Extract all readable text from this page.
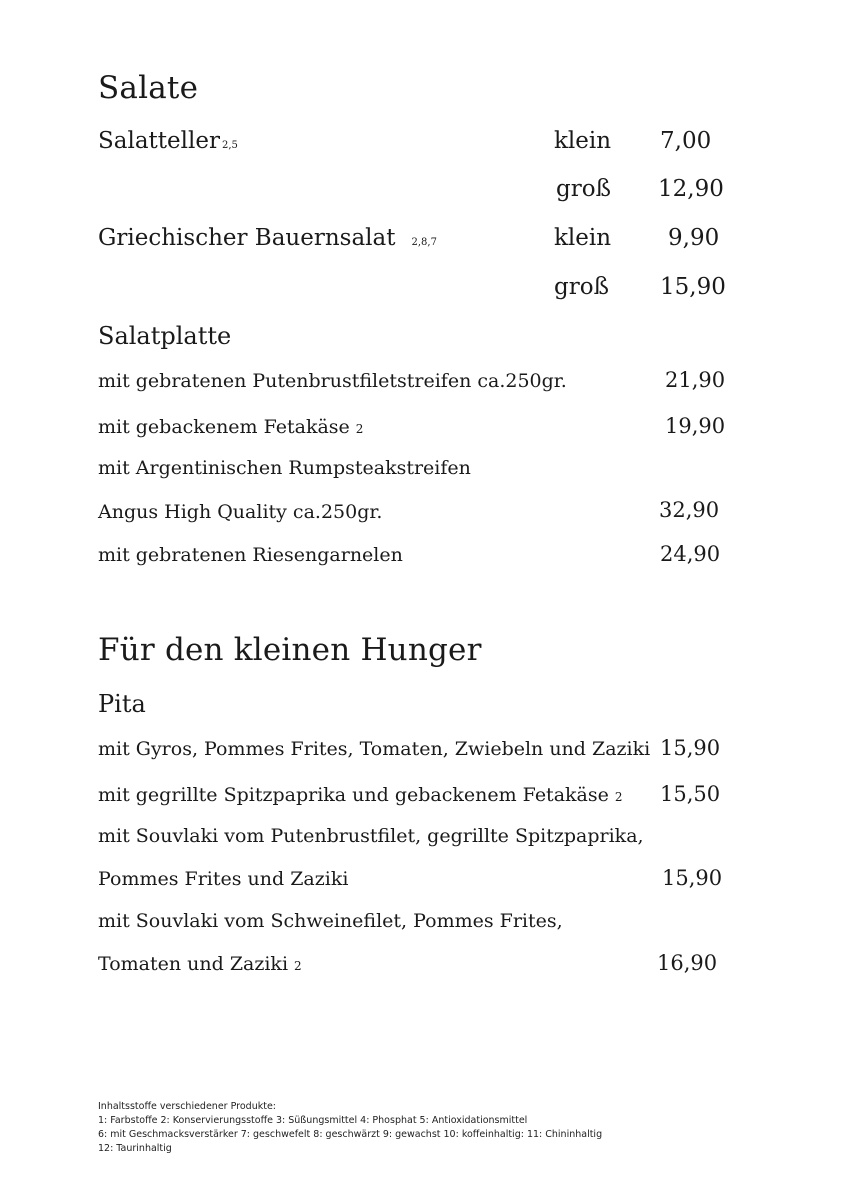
Salate
Salatteller 2,5	klein 7,00
groß 12,90
Griechischer Bauernsalat 2,8,7	klein 9,90
groß 15,90
Salatplatte
mit gebratenen Putenbrustfiletstreifen ca.250gr.	21,90
mit gebackenem Fetakäse 2	19,90
mit Argentinischen Rumpsteakstreifen
Angus High Quality ca.250gr.	32,90
mit gebratenen Riesengarnelen	24,90
Für den kleinen Hunger
Pita
mit Gyros, Pommes Frites, Tomaten, Zwiebeln und Zaziki 15,90
mit gegrillte Spitzpaprika und gebackenem Fetakäse 2 15,50
mit Souvlaki vom Putenbrustfilet, gegrillte Spitzpaprika,
Pommes Frites und Zaziki	15,90
mit Souvlaki vom Schweinefilet, Pommes Frites,
Tomaten und Zaziki 2	16,90
Inhaltsstoffe verschiedener Produkte:
1: Farbstoffe 2: Konservierungsstoffe 3: Süßungsmittel 4: Phosphat 5: Antioxidationsmittel
6: mit Geschmacksverstärker 7: geschwefelt 8: geschwärzt 9: gewachst 10: koffeinhaltig: 11: Chininhaltig
12: Taurinhaltig
